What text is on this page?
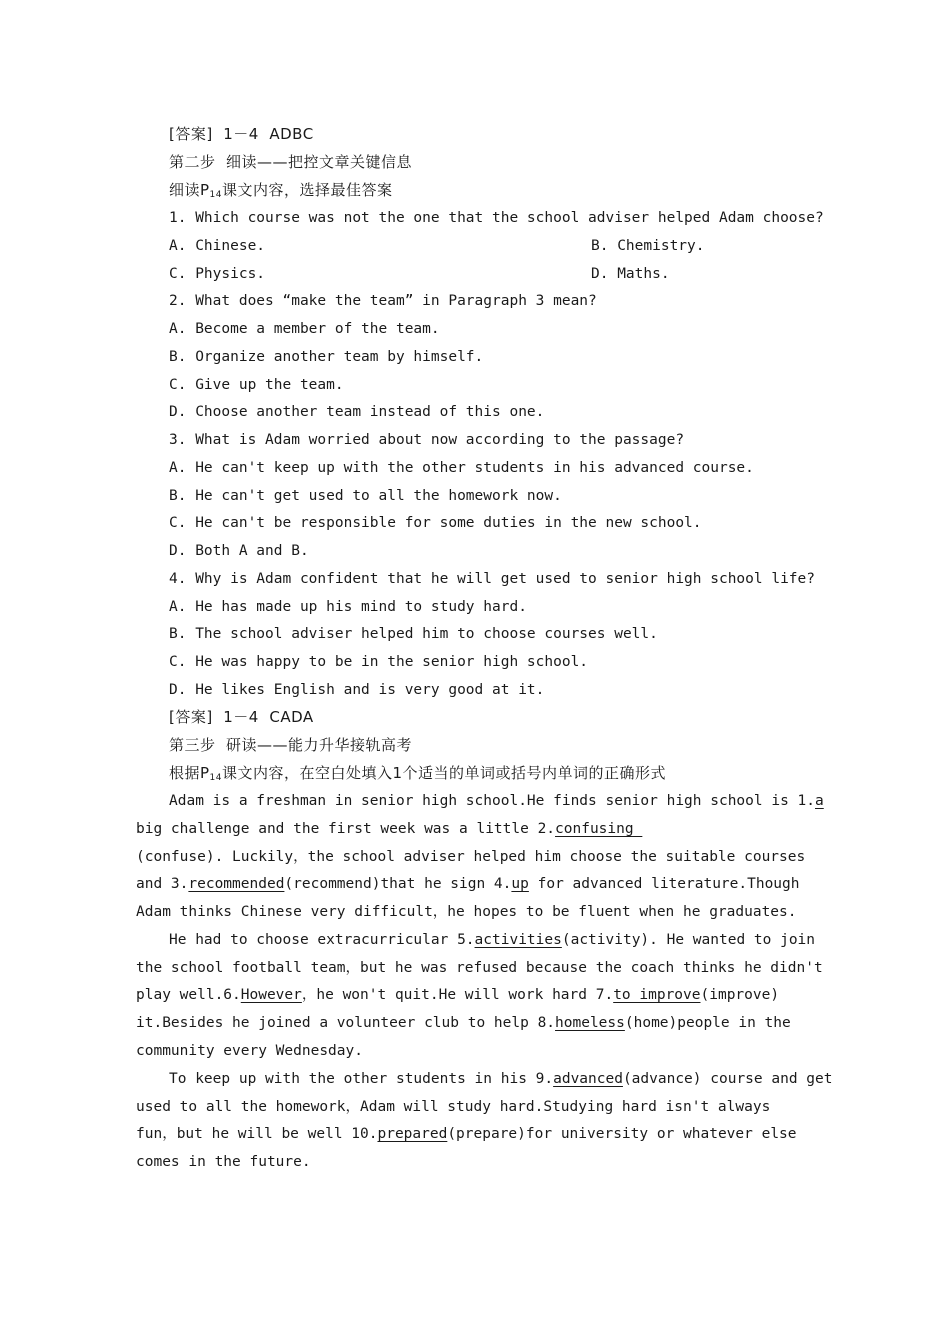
[答案]  1－4  ADBC
第二步  细读——把控文章关键信息
细读$P_{14}$课文内容，选择最佳答案
1. Which course was not the one that the school adviser helped Adam choose?
A. Chinese.	B. Chemistry.
C. Physics.	D. Maths.
2. What does “make the team” in Paragraph 3 mean?
A. Become a member of the team.
B. Organize another team by himself.
C. Give up the team.
D. Choose another team instead of this one.
3. What is Adam worried about now according to the passage?
A. He can't keep up with the other students in his advanced course.
B. He can't get used to all the homework now.
C. He can't be responsible for some duties in the new school.
D. Both A and B.
4. Why is Adam confident that he will get used to senior high school life?
A. He has made up his mind to study hard.
B. The school adviser helped him to choose courses well.
C. He was happy to be in the senior high school.
D. He likes English and is very good at it.
[答案]  1－4  CADA
第三步  研读——能力升华接轨高考
根据$P_{14}$课文内容，在空白处填入1个适当的单词或括号内单词的正确形式
Adam is a freshman in senior high school.He finds senior high school is 1.a
big challenge and the first week was a little 2.confusing
(confuse). Luckily，the school adviser helped him choose the suitable courses
and 3.recommended(recommend)that he sign 4.up for advanced literature.Though
Adam thinks Chinese very difficult，he hopes to be fluent when he graduates.
He had to choose extracurricular 5.activities(activity). He wanted to join
the school football team，but he was refused because the coach thinks he didn't
play well.6.However，he won't quit.He will work hard 7.to improve(improve)
it.Besides he joined a volunteer club to help 8.homeless(home)people in the
community every Wednesday.
To keep up with the other students in his 9.advanced(advance) course and get
used to all the homework，Adam will study hard.Studying hard isn't always
fun，but he will be well 10.prepared(prepare)for university or whatever else
comes in the future.
